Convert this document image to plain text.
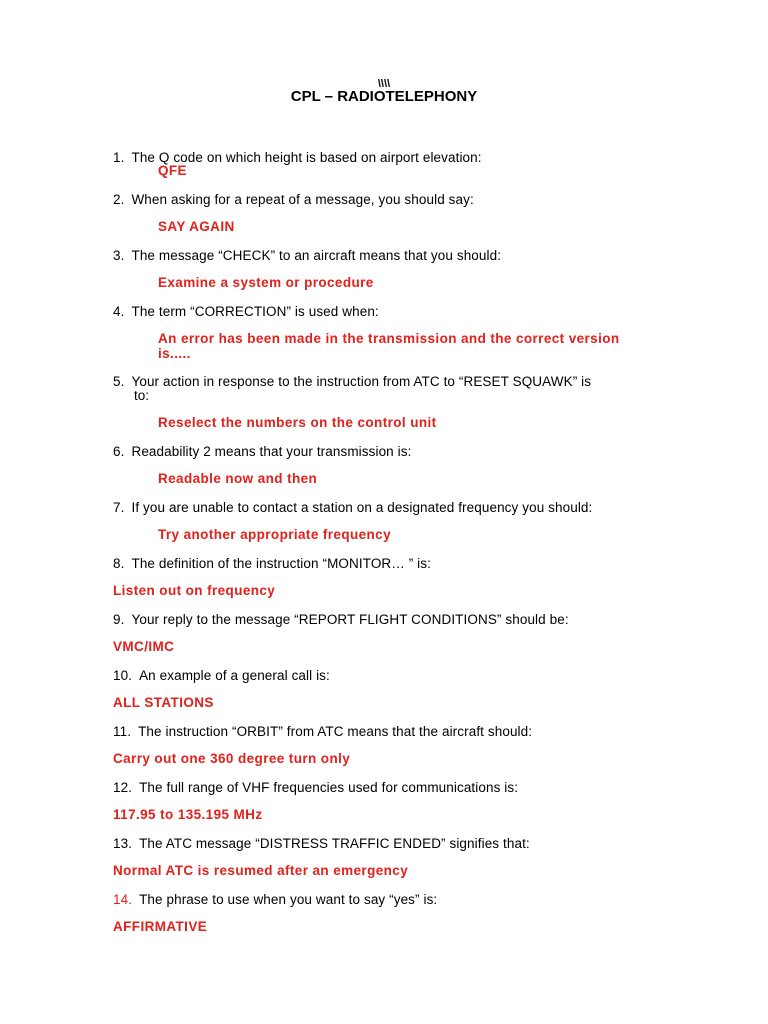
\\\\
CPL – RADIOTELEPHONY
1. The Q code on which height is based on airport elevation:
QFE
2. When asking for a repeat of a message, you should say:
SAY AGAIN
3. The message “CHECK” to an aircraft means that you should:
Examine a system or procedure
4. The term “CORRECTION” is used when:
An error has been made in the transmission and the correct version
is.....
5. Your action in response to the instruction from ATC to “RESET SQUAWK” is
to:
Reselect the numbers on the control unit
6. Readability 2 means that your transmission is:
Readable now and then
7. If you are unable to contact a station on a designated frequency you should:
Try another appropriate frequency
8. The definition of the instruction “MONITOR… ” is:
Listen out on frequency
9. Your reply to the message “REPORT FLIGHT CONDITIONS” should be:
VMC/IMC
10. An example of a general call is:
ALL STATIONS
11. The instruction “ORBIT” from ATC means that the aircraft should:
Carry out one 360 degree turn only
12. The full range of VHF frequencies used for communications is:
117.95 to 135.195 MHz
13. The ATC message “DISTRESS TRAFFIC ENDED” signifies that:
Normal ATC is resumed after an emergency
14. The phrase to use when you want to say “yes” is:
AFFIRMATIVE
